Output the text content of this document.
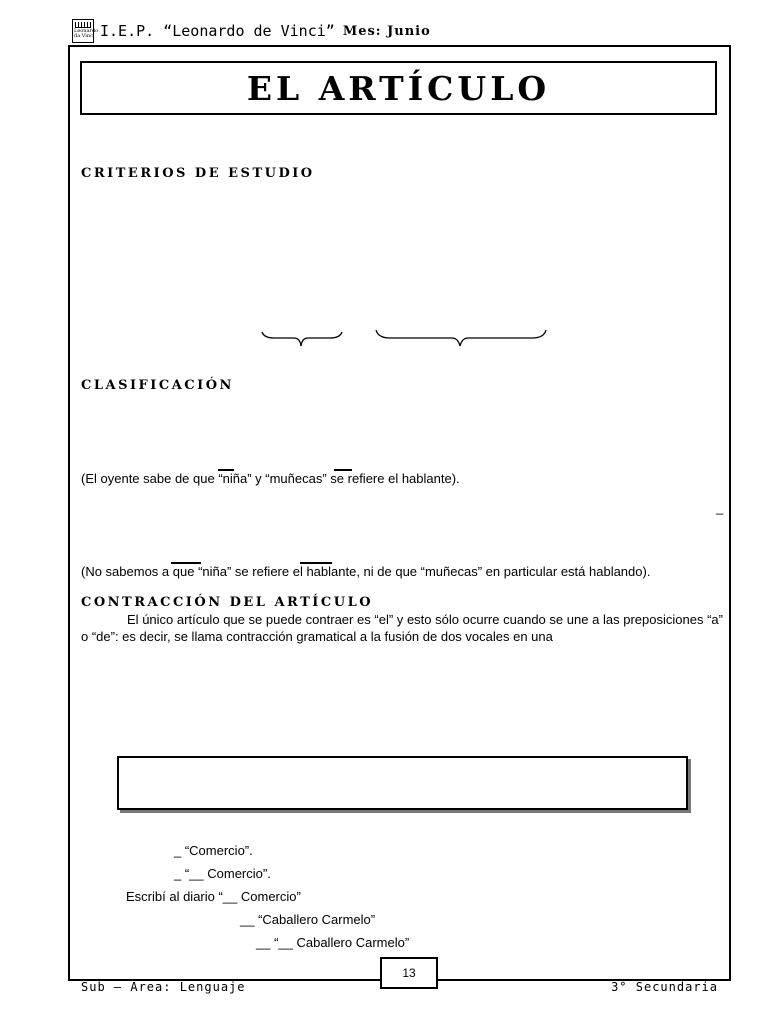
Leonardo da Vinci I.E.P. “Leonardo de Vinci” Mes: Junio
EL ARTÍCULO
CRITERIOS DE ESTUDIO
CLASIFICACIÓN
(El oyente sabe de que “niña” y “muñecas” se refiere el hablante).
_
(No sabemos a que “niña” se refiere el hablante, ni de que “muñecas” en particular está hablando).
CONTRACCIÓN DEL ARTÍCULO
El único artículo que se puede contraer es “el” y esto sólo ocurre cuando se une a las preposiciones “a” o “de”: es decir, se llama contracción gramatical a la fusión de dos vocales en una
_ “Comercio”.
_ “__ Comercio”.
Escribí al diario “__ Comercio”
__ “Caballero Carmelo”
__ “__ Caballero Carmelo”
Sub – Área: Lenguaje
13
3° Secundaria
